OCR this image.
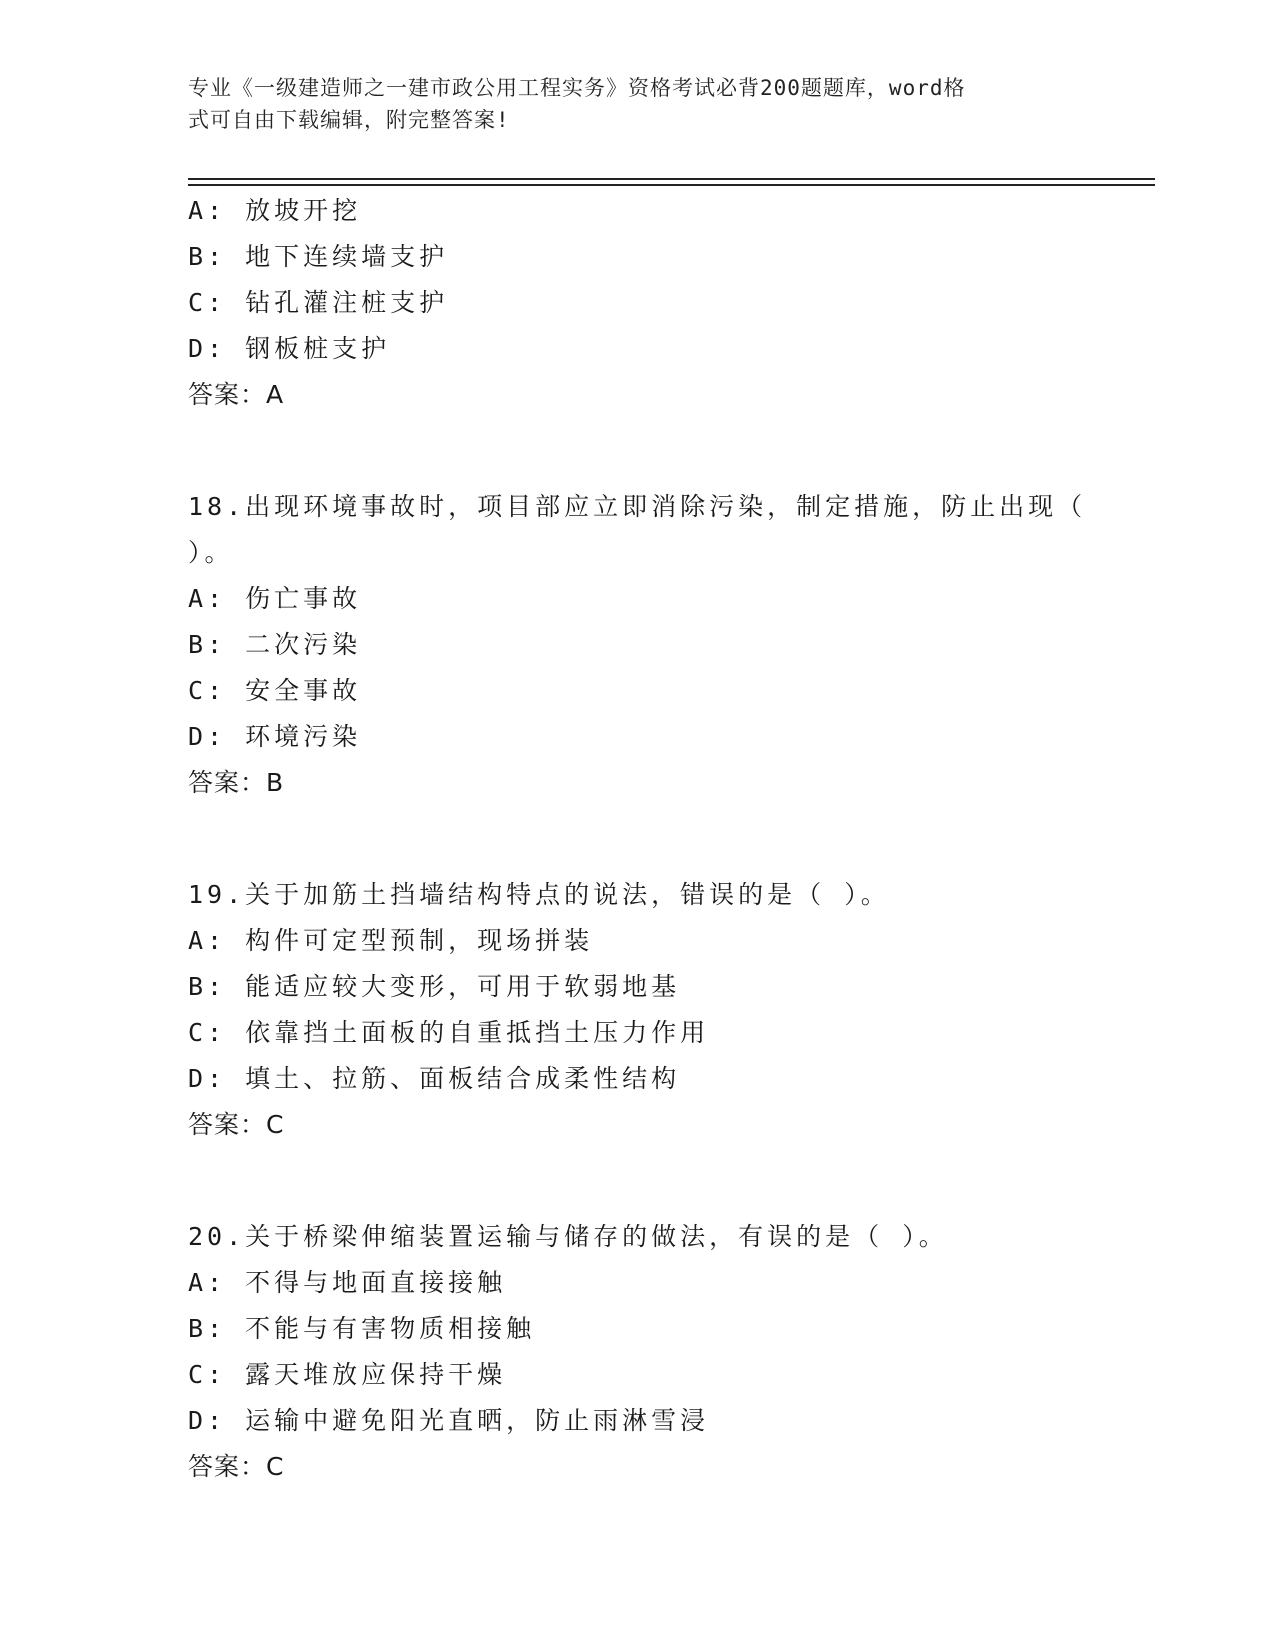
专业《一级建造师之一建市政公用工程实务》资格考试必背200题题库，word格
式可自由下载编辑，附完整答案!
A: 放坡开挖
B: 地下连续墙支护
C: 钻孔灌注桩支护
D: 钢板桩支护
答案：A
18.出现环境事故时，项目部应立即消除污染，制定措施，防止出现（
）。
A: 伤亡事故
B: 二次污染
C: 安全事故
D: 环境污染
答案：B
19.关于加筋土挡墙结构特点的说法，错误的是（ ）。
A: 构件可定型预制，现场拼装
B: 能适应较大变形，可用于软弱地基
C: 依靠挡土面板的自重抵挡土压力作用
D: 填土、拉筋、面板结合成柔性结构
答案：C
20.关于桥梁伸缩装置运输与储存的做法，有误的是（ ）。
A: 不得与地面直接接触
B: 不能与有害物质相接触
C: 露天堆放应保持干燥
D: 运输中避免阳光直晒，防止雨淋雪浸
答案：C
